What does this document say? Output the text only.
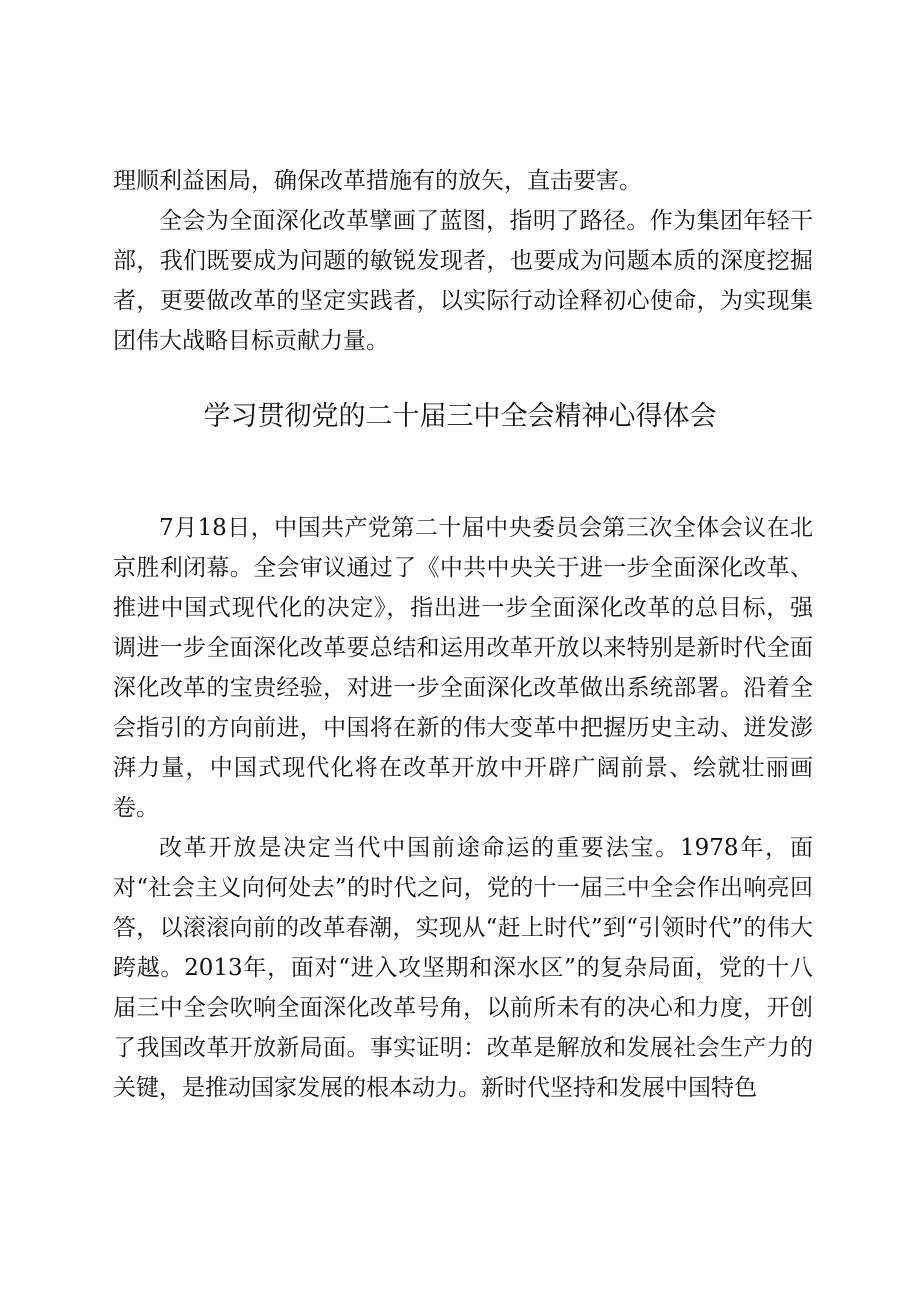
理顺利益困局，确保改革措施有的放矢，直击要害。

全会为全面深化改革擘画了蓝图，指明了路径。作为集团年轻干部，我们既要成为问题的敏锐发现者，也要成为问题本质的深度挖掘者，更要做改革的坚定实践者，以实际行动诠释初心使命，为实现集团伟大战略目标贡献力量。

学习贯彻党的二十届三中全会精神心得体会

7月18日，中国共产党第二十届中央委员会第三次全体会议在北京胜利闭幕。全会审议通过了《中共中央关于进一步全面深化改革、推进中国式现代化的决定》，指出进一步全面深化改革的总目标，强调进一步全面深化改革要总结和运用改革开放以来特别是新时代全面深化改革的宝贵经验，对进一步全面深化改革做出系统部署。沿着全会指引的方向前进，中国将在新的伟大变革中把握历史主动、迸发澎湃力量，中国式现代化将在改革开放中开辟广阔前景、绘就壮丽画卷。

改革开放是决定当代中国前途命运的重要法宝。1978年，面对“社会主义向何处去”的时代之问，党的十一届三中全会作出响亮回答，以滚滚向前的改革春潮，实现从“赶上时代”到“引领时代”的伟大跨越。2013年，面对“进入攻坚期和深水区”的复杂局面，党的十八届三中全会吹响全面深化改革号角，以前所未有的决心和力度，开创了我国改革开放新局面。事实证明：改革是解放和发展社会生产力的关键，是推动国家发展的根本动力。新时代坚持和发展中国特色
